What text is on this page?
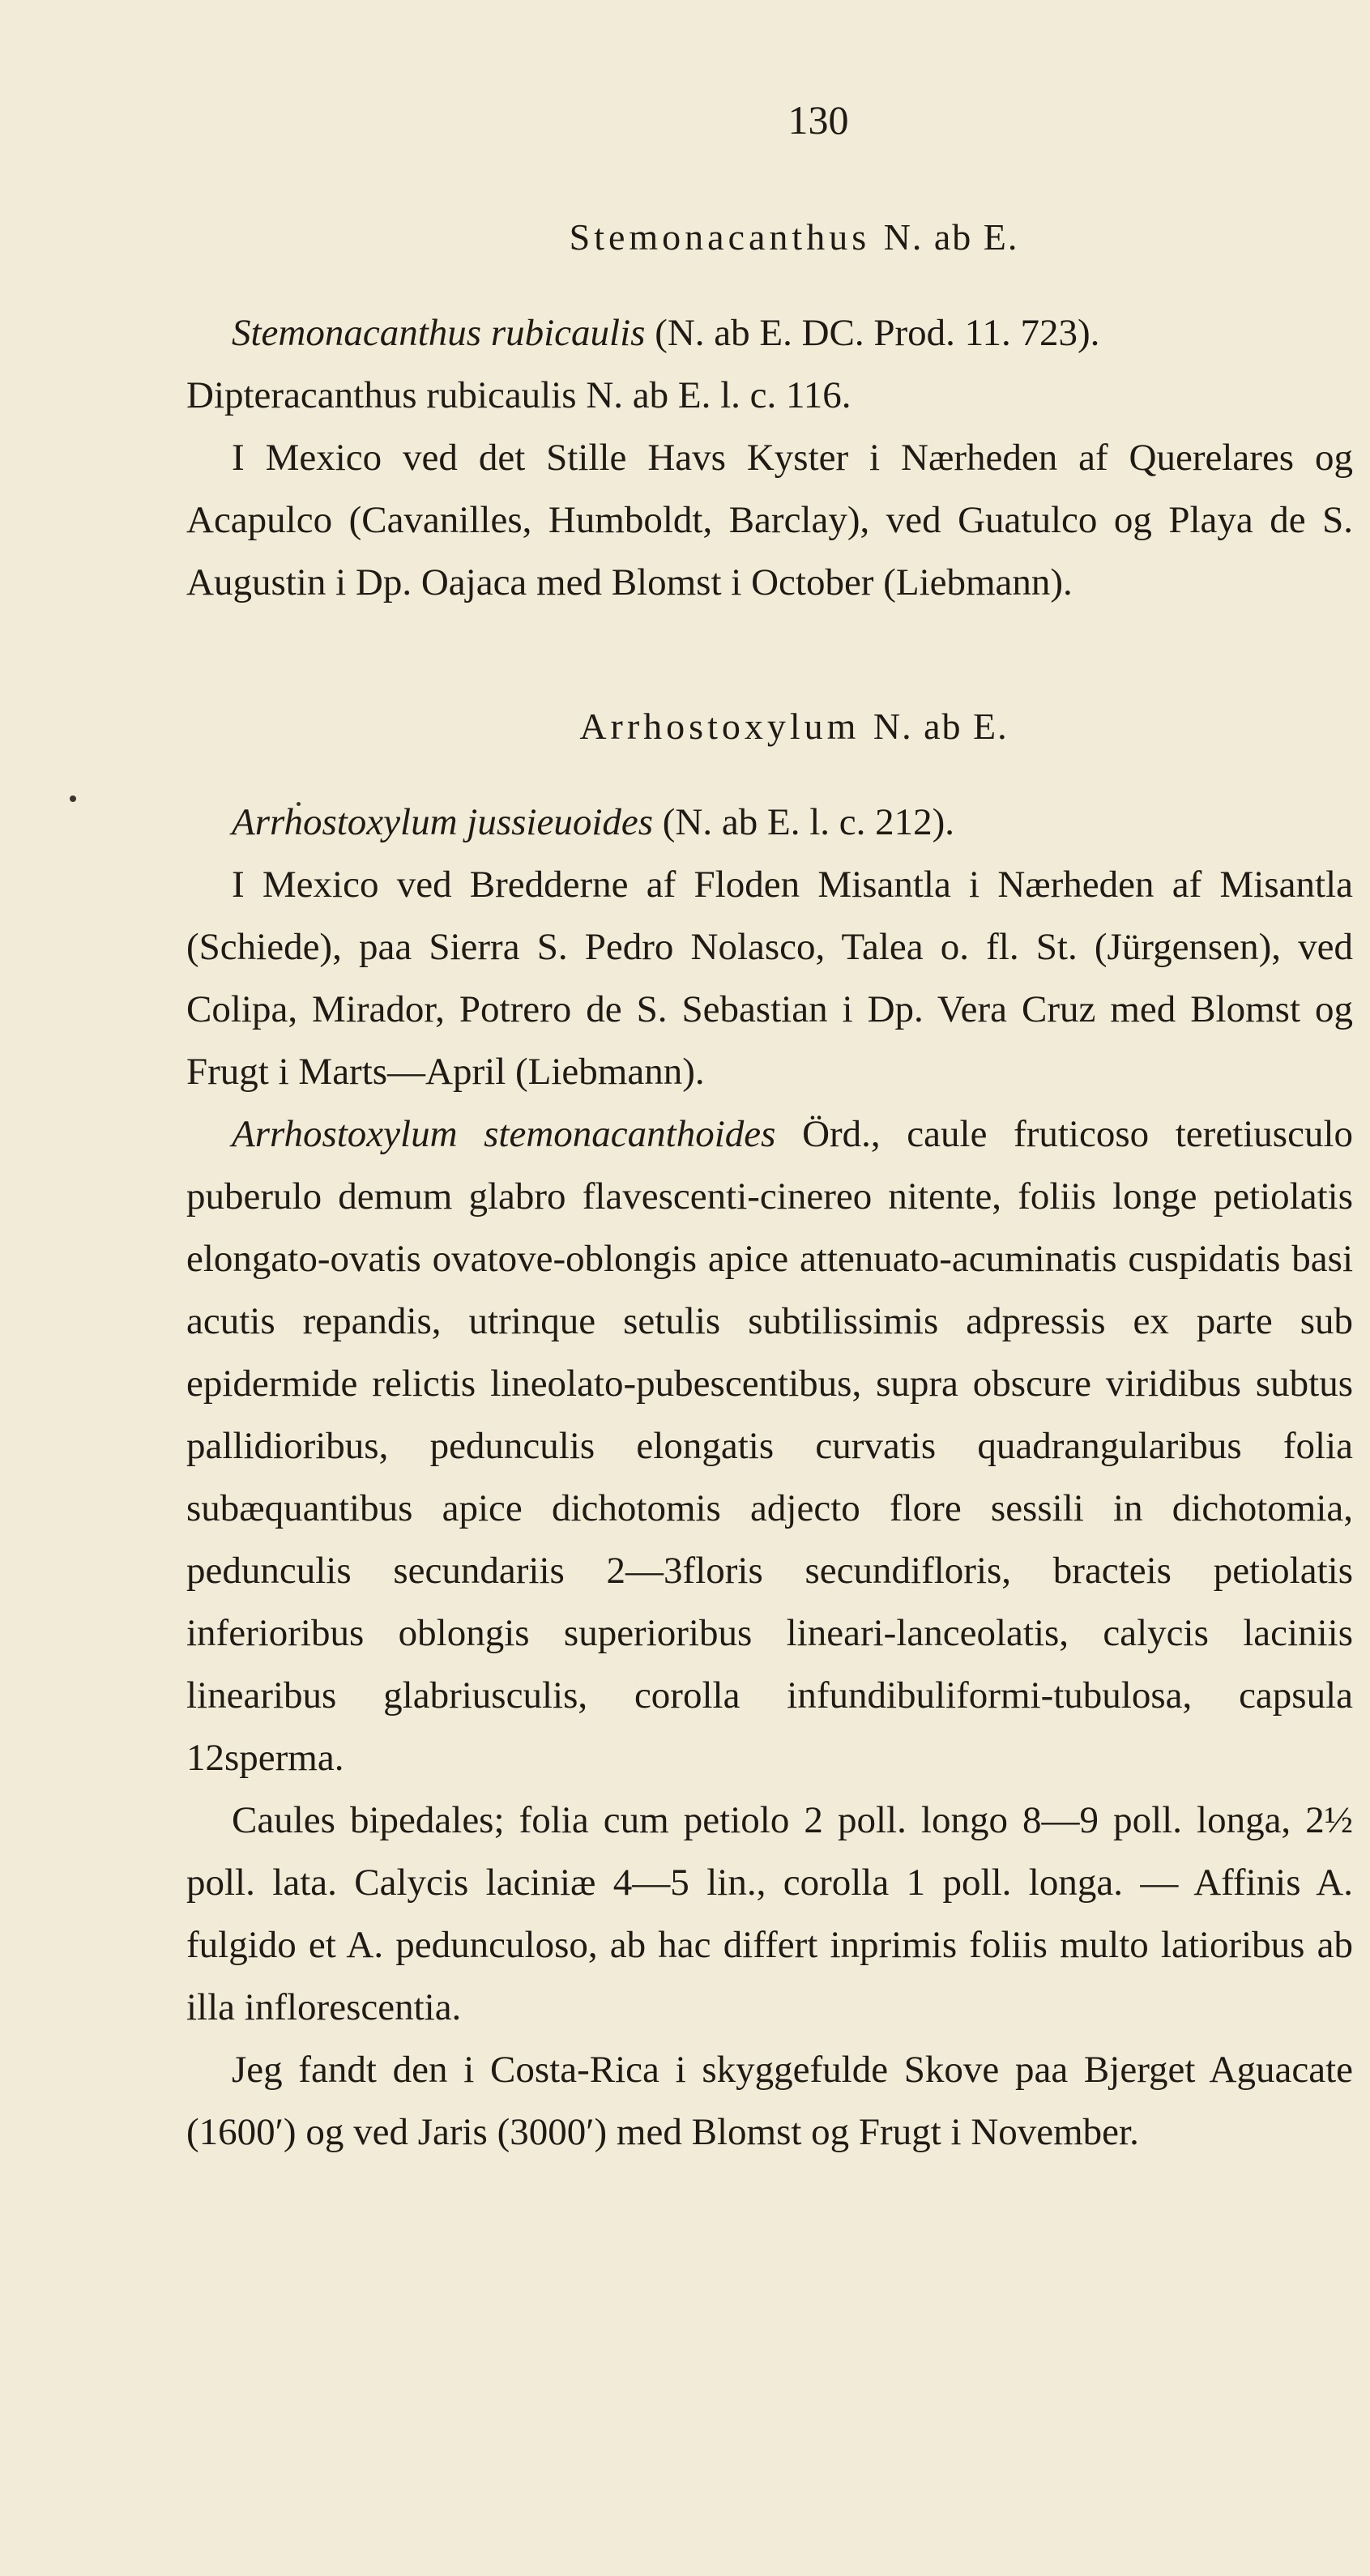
130
Stemonacanthus N. ab E.

Stemonacanthus rubicaulis (N. ab E. DC. Prod. 11. 723).

Dipteracanthus rubicaulis N. ab E. l. c. 116.

I Mexico ved det Stille Havs Kyster i Nærheden af Querelares og Acapulco (Cavanilles, Humboldt, Barclay), ved Guatulco og Playa de S. Augustin i Dp. Oajaca med Blomst i October (Liebmann).

Arrhostoxylum N. ab E.

Arrhostoxylum jussieuoides (N. ab E. l. c. 212).

I Mexico ved Bredderne af Floden Misantla i Nærheden af Misantla (Schiede), paa Sierra S. Pedro Nolasco, Talea o. fl. St. (Jürgensen), ved Colipa, Mirador, Potrero de S. Sebastian i Dp. Vera Cruz med Blomst og Frugt i Marts—April (Liebmann).

Arrhostoxylum stemonacanthoides Örd., caule fruticoso teretiusculo puberulo demum glabro flavescenti-cinereo nitente, foliis longe petiolatis elongato-ovatis ovatove-oblongis apice attenuato-acuminatis cuspidatis basi acutis repandis, utrinque setulis subtilissimis adpressis ex parte sub epidermide relictis lineolato-pubescentibus, supra obscure viridibus subtus pallidioribus, pedunculis elongatis curvatis quadrangularibus folia subæquantibus apice dichotomis adjecto flore sessili in dichotomia, pedunculis secundariis 2—3floris secundifloris, bracteis petiolatis inferioribus oblongis superioribus lineari-lanceolatis, calycis laciniis linearibus glabriusculis, corolla infundibuliformi-tubulosa, capsula 12sperma.

Caules bipedales; folia cum petiolo 2 poll. longo 8—9 poll. longa, 2½ poll. lata. Calycis laciniæ 4—5 lin., corolla 1 poll. longa. — Affinis A. fulgido et A. pedunculoso, ab hac differt inprimis foliis multo latioribus ab illa inflorescentia.

Jeg fandt den i Costa-Rica i skyggefulde Skove paa Bjerget Aguacate (1600′) og ved Jaris (3000′) med Blomst og Frugt i November.
